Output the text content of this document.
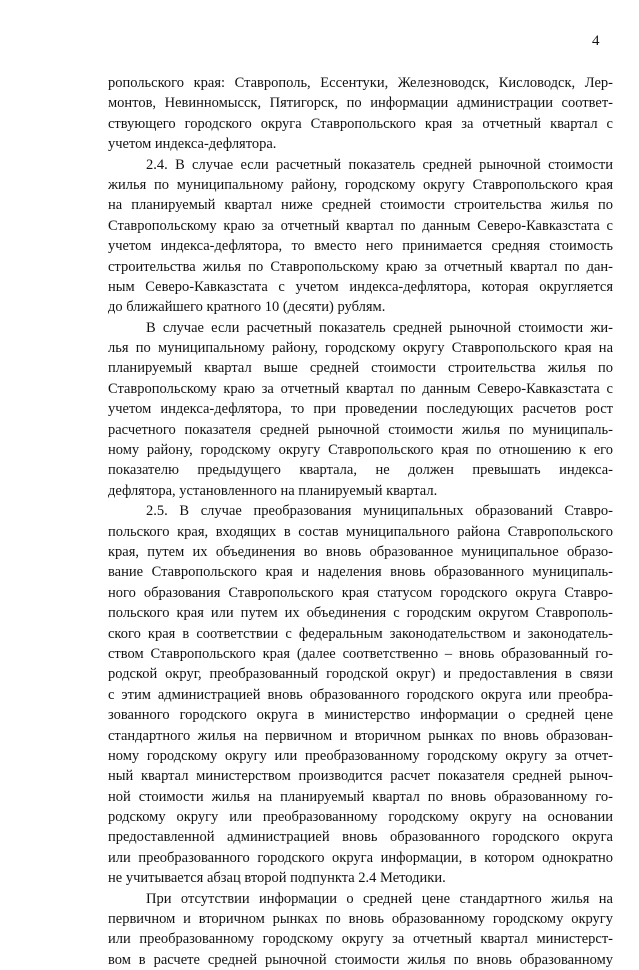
4
ропольского края: Ставрополь, Ессентуки, Железноводск, Кисловодск, Лер-
монтов, Невинномысск, Пятигорск, по информации администрации соответ-
ствующего городского округа Ставропольского края за отчетный квартал с
учетом индекса-дефлятора.
2.4. В случае если расчетный показатель средней рыночной стоимости
жилья по муниципальному району, городскому округу Ставропольского края
на планируемый квартал ниже средней стоимости строительства жилья по
Ставропольскому краю за отчетный квартал по данным Северо-Кавказстата с
учетом индекса-дефлятора, то вместо него принимается средняя стоимость
строительства жилья по Ставропольскому краю за отчетный квартал по дан-
ным Северо-Кавказстата с учетом индекса-дефлятора, которая округляется
до ближайшего кратного 10 (десяти) рублям.
В случае если расчетный показатель средней рыночной стоимости жи-
лья по муниципальному району, городскому округу Ставропольского края на
планируемый квартал выше средней стоимости строительства жилья по
Ставропольскому краю за отчетный квартал по данным Северо-Кавказстата с
учетом индекса-дефлятора, то при проведении последующих расчетов рост
расчетного показателя средней рыночной стоимости жилья по муниципаль-
ному району, городскому округу Ставропольского края по отношению к его
показателю предыдущего квартала, не должен превышать индекса-
дефлятора, установленного на планируемый квартал.
2.5. В случае преобразования муниципальных образований Ставро-
польского края, входящих в состав муниципального района Ставропольского
края, путем их объединения во вновь образованное муниципальное образо-
вание Ставропольского края и наделения вновь образованного муниципаль-
ного образования Ставропольского края статусом городского округа Ставро-
польского края или путем их объединения с городским округом Ставрополь-
ского края в соответствии с федеральным законодательством и законодатель-
ством Ставропольского края (далее соответственно – вновь образованный го-
родской округ, преобразованный городской округ) и предоставления в связи
с этим администрацией вновь образованного городского округа или преобра-
зованного городского округа в министерство информации о средней цене
стандартного жилья на первичном и вторичном рынках по вновь образован-
ному городскому округу или преобразованному городскому округу за отчет-
ный квартал министерством производится расчет показателя средней рыноч-
ной стоимости жилья на планируемый квартал по вновь образованному го-
родскому округу или преобразованному городскому округу на основании
предоставленной администрацией вновь образованного городского округа
или преобразованного городского округа информации, в котором однократно
не учитывается абзац второй подпункта 2.4 Методики.
При отсутствии информации о средней цене стандартного жилья на
первичном и вторичном рынках по вновь образованному городскому округу
или преобразованному городскому округу за отчетный квартал министерст-
вом в расчете средней рыночной стоимости жилья по вновь образованному
